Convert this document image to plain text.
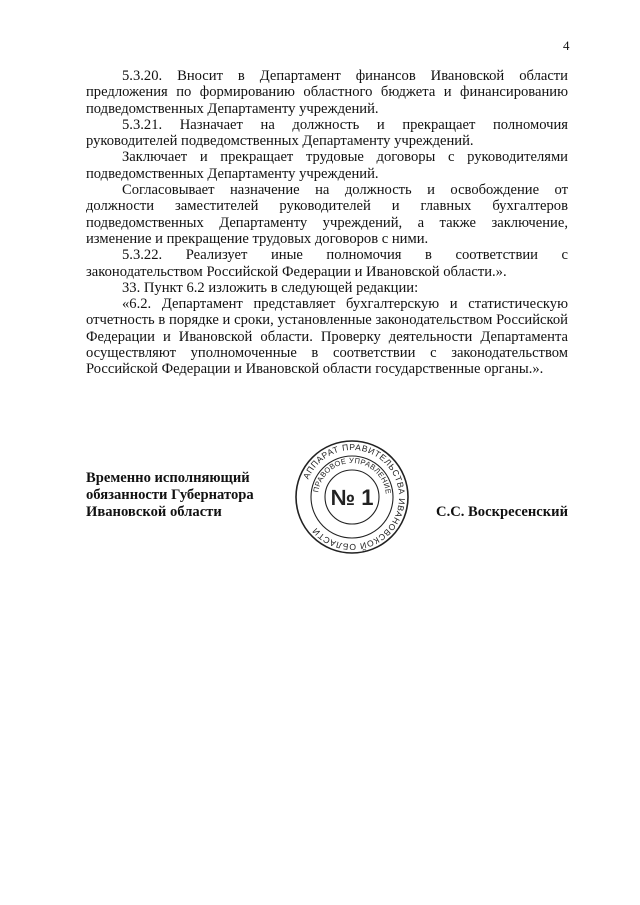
4

5.3.20. Вносит в Департамент финансов Ивановской области предложения по формированию областного бюджета и финансированию подведомственных Департаменту учреждений.

5.3.21. Назначает на должность и прекращает полномочия руководителей подведомственных Департаменту учреждений.

Заключает и прекращает трудовые договоры с руководителями подведомственных Департаменту учреждений.

Согласовывает назначение на должность и освобождение от должности заместителей руководителей и главных бухгалтеров подведомственных Департаменту учреждений, а также заключение, изменение и прекращение трудовых договоров с ними.

5.3.22. Реализует иные полномочия в соответствии с законодательством Российской Федерации и Ивановской области.».

33. Пункт 6.2 изложить в следующей редакции:

«6.2. Департамент представляет бухгалтерскую и статистическую отчетность в порядке и сроки, установленные законодательством Российской Федерации и Ивановской области. Проверку деятельности Департамента осуществляют уполномоченные в соответствии с законодательством Российской Федерации и Ивановской области государственные органы.».

Временно исполняющий
обязанности Губернатора
Ивановской области
АППАРАТ ПРАВИТЕЛЬСТВА ИВАНОВСКОЙ ОБЛАСТИ
ПРАВОВОЕ УПРАВЛЕНИЕ
№ 1
С.С. Воскресенский
